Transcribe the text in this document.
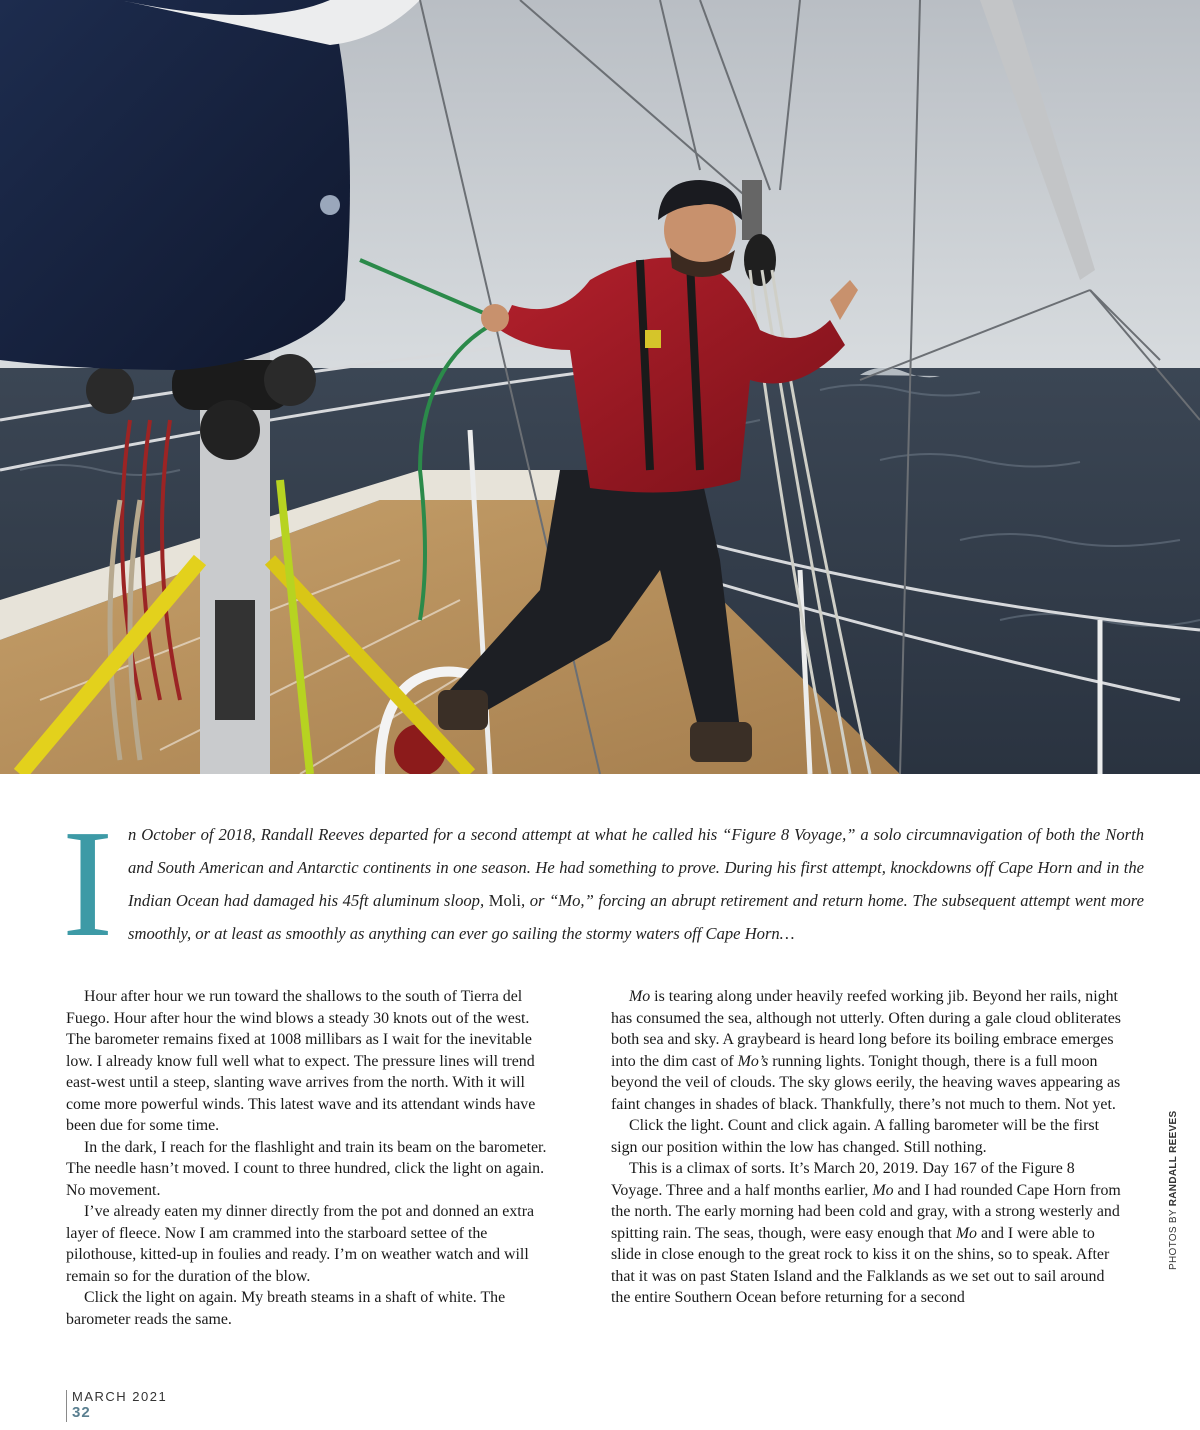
I n October of 2018, Randall Reeves departed for a second attempt at what he called his “Figure 8 Voyage,” a solo circumnavigation of both the North and South American and Antarctic continents in one season. He had something to prove. During his first attempt, knockdowns off Cape Horn and in the Indian Ocean had damaged his 45ft aluminum sloop, Moli, or “Mo,” forcing an abrupt retirement and return home. The subsequent attempt went more smoothly, or at least as smoothly as anything can ever go sailing the stormy waters off Cape Horn…

Hour after hour we run toward the shallows to the south of Tierra del Fuego. Hour after hour the wind blows a steady 30 knots out of the west. The barometer remains fixed at 1008 millibars as I wait for the inevitable low. I already know full well what to expect. The pressure lines will trend east-west until a steep, slanting wave arrives from the north. With it will come more powerful winds. This latest wave and its attendant winds have been due for some time.

In the dark, I reach for the flashlight and train its beam on the barometer. The needle hasn’t moved. I count to three hundred, click the light on again. No movement.

I’ve already eaten my dinner directly from the pot and donned an extra layer of fleece. Now I am crammed into the starboard settee of the pilothouse, kitted-up in foulies and ready. I’m on weather watch and will remain so for the duration of the blow.

Click the light on again. My breath steams in a shaft of white. The barometer reads the same.

Mo is tearing along under heavily reefed working jib. Beyond her rails, night has consumed the sea, although not utterly. Often during a gale cloud obliterates both sea and sky. A graybeard is heard long before its boiling embrace emerges into the dim cast of Mo’s running lights. Tonight though, there is a full moon beyond the veil of clouds. The sky glows eerily, the heaving waves appearing as faint changes in shades of black. Thankfully, there’s not much to them. Not yet.

Click the light. Count and click again. A falling barometer will be the first sign our position within the low has changed. Still nothing.

This is a climax of sorts. It’s March 20, 2019. Day 167 of the Figure 8 Voyage. Three and a half months earlier, Mo and I had rounded Cape Horn from the north. The early morning had been cold and gray, with a strong westerly and spitting rain. The seas, though, were easy enough that Mo and I were able to slide in close enough to the great rock to kiss it on the shins, so to speak. After that it was on past Staten Island and the Falklands as we set out to sail around the entire Southern Ocean before returning for a second

PHOTOS BY RANDALL REEVES
MARCH 2021
32
